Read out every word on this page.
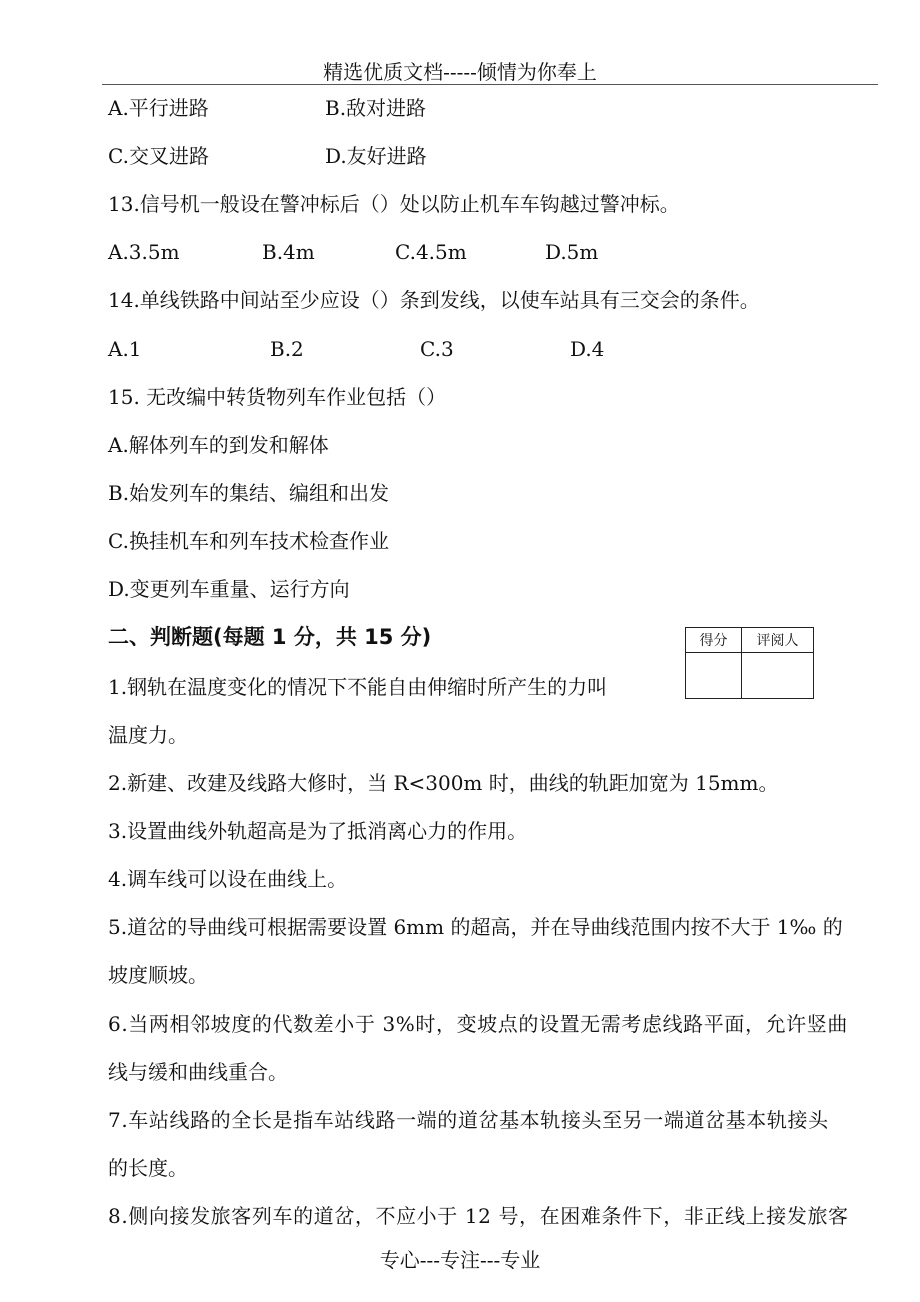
精选优质文档-----倾情为你奉上
A.平行进路	B.敌对进路
C.交叉进路	D.友好进路
13.信号机一般设在警冲标后（）处以防止机车车钩越过警冲标。
A.3.5m	B.4m	C.4.5m	D.5m
14.单线铁路中间站至少应设（）条到发线，以使车站具有三交会的条件。
A.1	B.2	C.3	D.4
15. 无改编中转货物列车作业包括（）
A.解体列车的到发和解体
B.始发列车的集结、编组和出发
C.换挂机车和列车技术检查作业
D.变更列车重量、运行方向
二、判断题(每题 1 分，共 15 分)	得分	评阅人

1.钢轨在温度变化的情况下不能自由伸缩时所产生的力叫
温度力。
2.新建、改建及线路大修时，当 R<300m 时，曲线的轨距加宽为 15mm。
3.设置曲线外轨超高是为了抵消离心力的作用。
4.调车线可以设在曲线上。
5.道岔的导曲线可根据需要设置 6mm 的超高，并在导曲线范围内按不大于 1‰ 的
坡度顺坡。
6.当两相邻坡度的代数差小于 3%时，变坡点的设置无需考虑线路平面，允许竖曲
线与缓和曲线重合。
7.车站线路的全长是指车站线路一端的道岔基本轨接头至另一端道岔基本轨接头
的长度。
8.侧向接发旅客列车的道岔，不应小于 12 号，在困难条件下，非正线上接发旅客
专心---专注---专业
